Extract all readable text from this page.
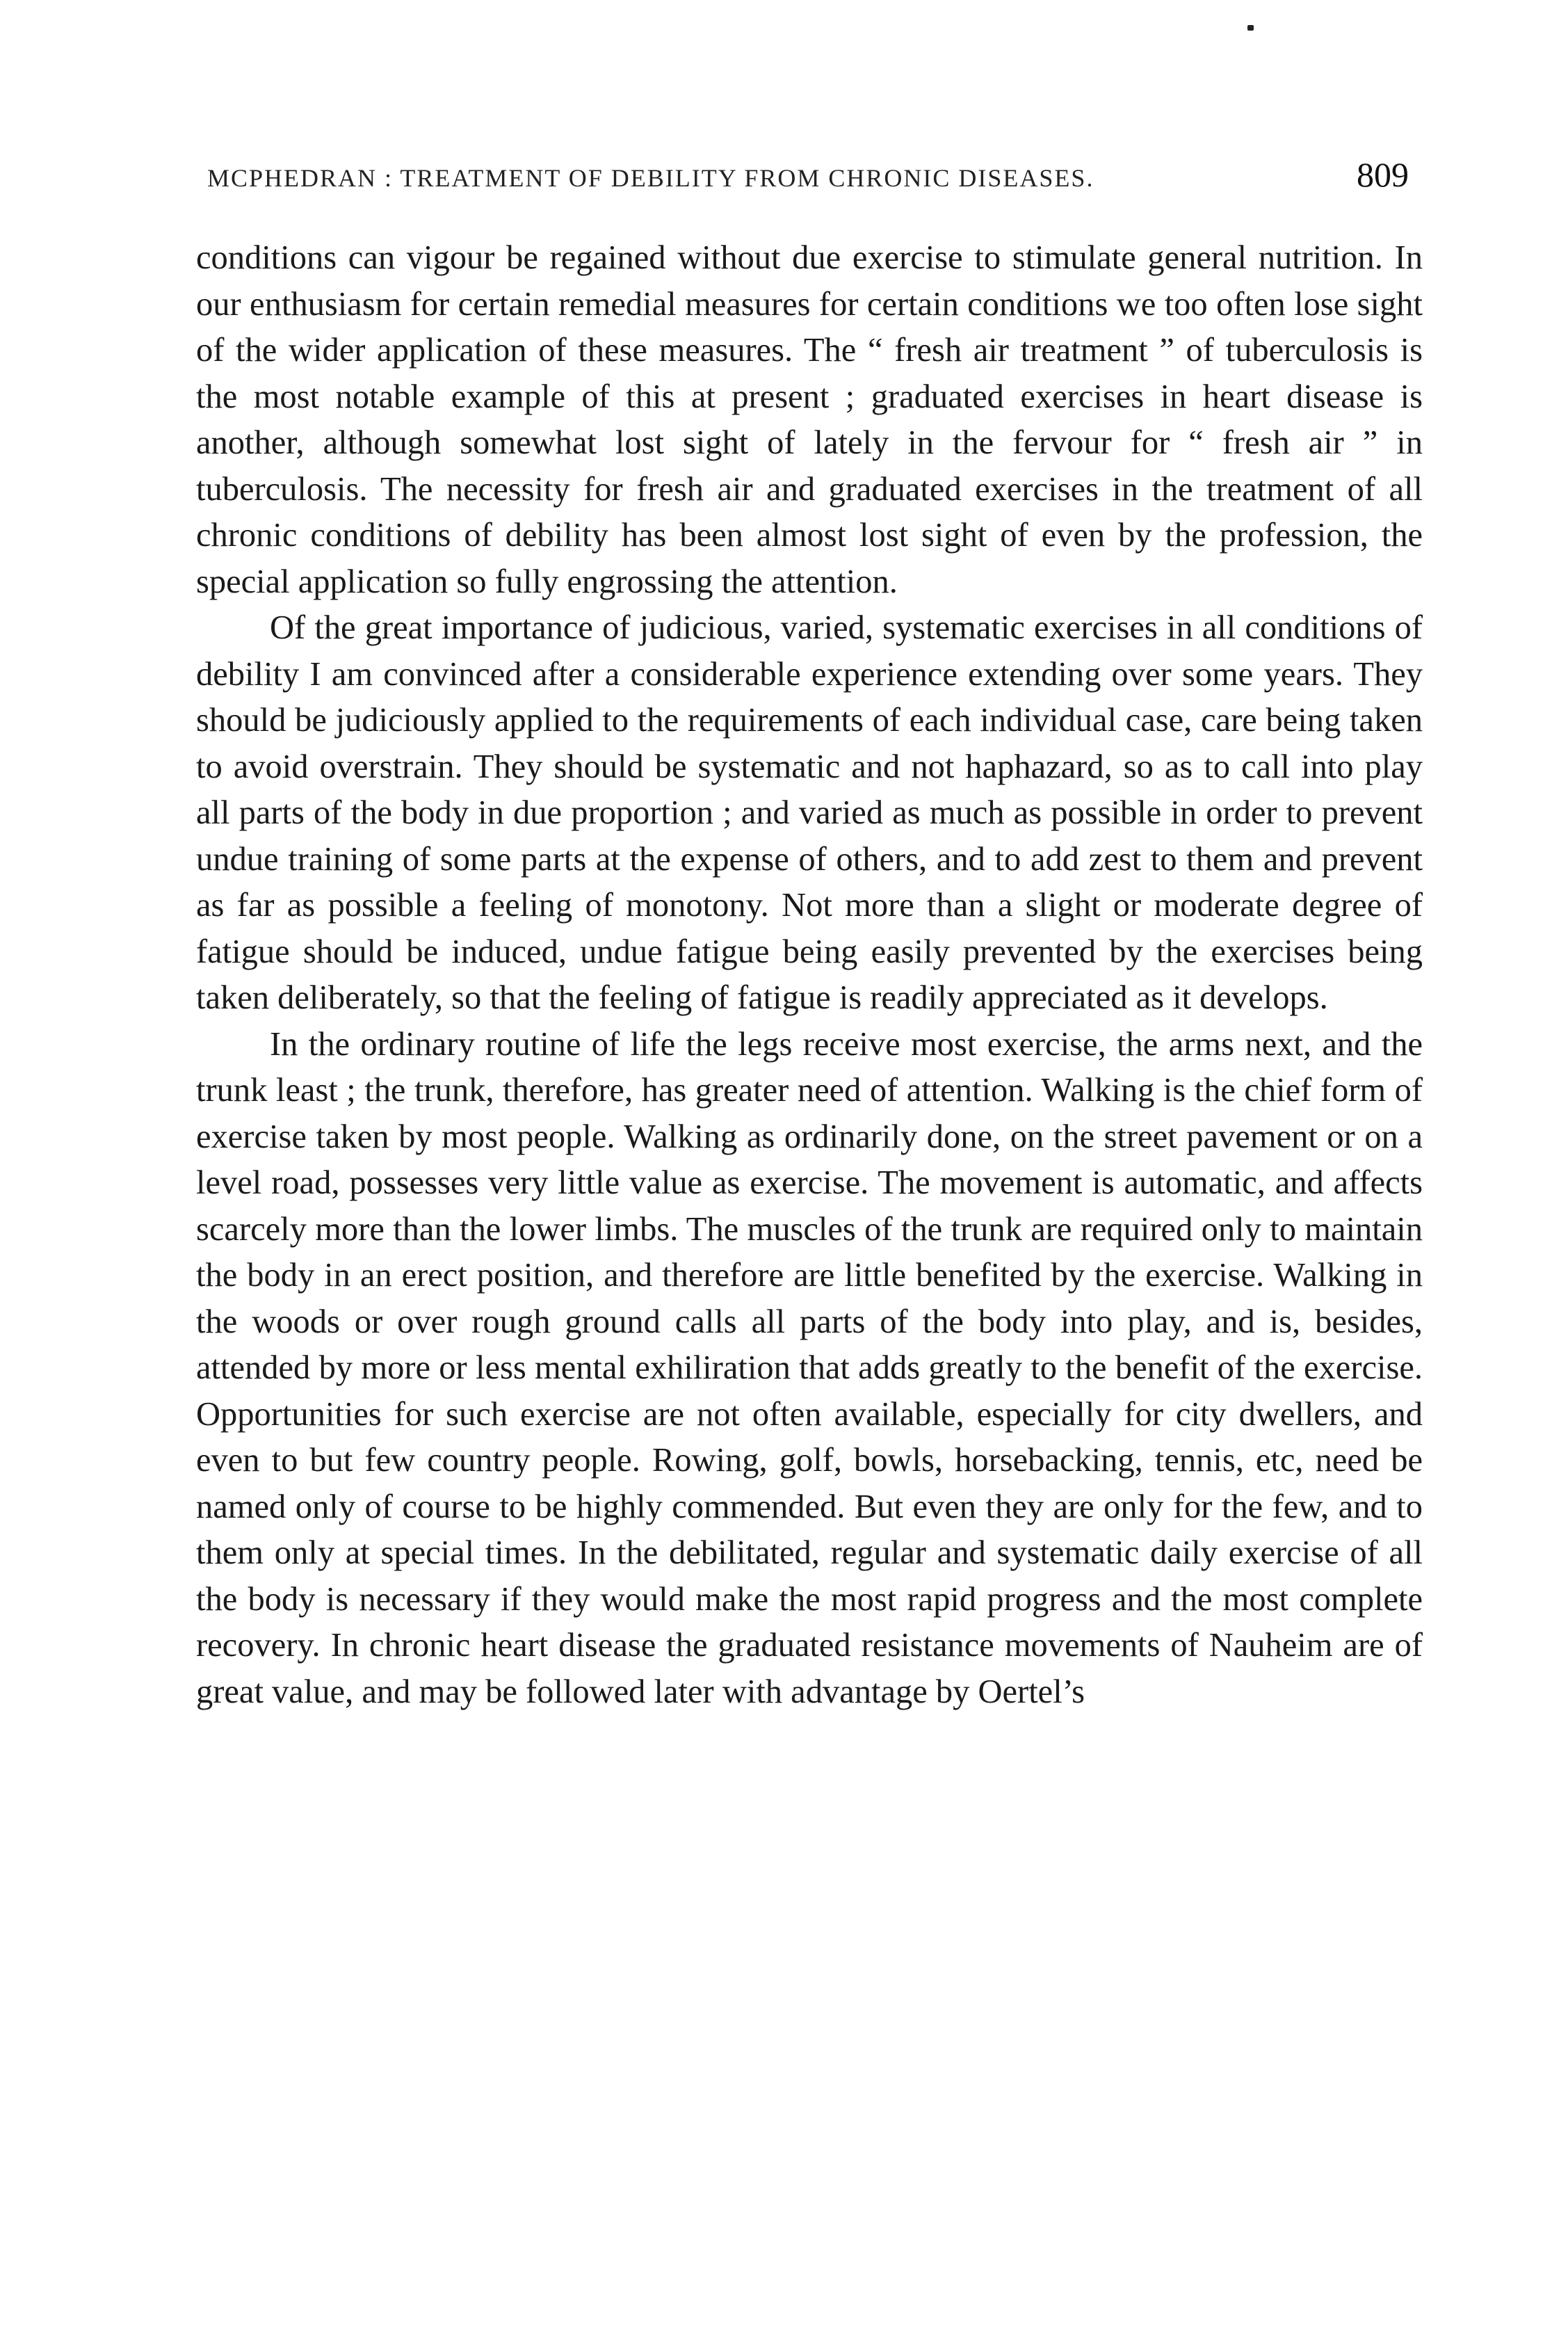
MCPHEDRAN : TREATMENT OF DEBILITY FROM CHRONIC DISEASES.	809

conditions can vigour be regained without due exercise to stimulate general nutrition. In our enthusiasm for certain remedial measures for certain conditions we too often lose sight of the wider application of these measures. The “ fresh air treatment ” of tuberculosis is the most notable example of this at present ; graduated exercises in heart disease is another, although somewhat lost sight of lately in the fervour for “ fresh air ” in tuberculosis. The necessity for fresh air and graduated exercises in the treatment of all chronic conditions of debility has been almost lost sight of even by the profession, the special application so fully engrossing the attention.

Of the great importance of judicious, varied, systematic exercises in all conditions of debility I am convinced after a considerable experience extending over some years. They should be judiciously applied to the requirements of each individual case, care being taken to avoid overstrain. They should be systematic and not haphazard, so as to call into play all parts of the body in due proportion ; and varied as much as possible in order to prevent undue training of some parts at the expense of others, and to add zest to them and prevent as far as possible a feeling of monotony. Not more than a slight or moderate degree of fatigue should be induced, undue fatigue being easily prevented by the exercises being taken deliberately, so that the feeling of fatigue is readily appreciated as it develops.

In the ordinary routine of life the legs receive most exercise, the arms next, and the trunk least ; the trunk, therefore, has greater need of attention. Walking is the chief form of exercise taken by most people. Walking as ordinarily done, on the street pavement or on a level road, possesses very little value as exercise. The movement is automatic, and affects scarcely more than the lower limbs. The muscles of the trunk are required only to maintain the body in an erect position, and therefore are little benefited by the exercise. Walking in the woods or over rough ground calls all parts of the body into play, and is, besides, attended by more or less mental exhiliration that adds greatly to the benefit of the exercise. Opportunities for such exercise are not often available, especially for city dwellers, and even to but few country people. Rowing, golf, bowls, horsebacking, tennis, etc, need be named only of course to be highly commended. But even they are only for the few, and to them only at special times. In the debilitated, regular and systematic daily exercise of all the body is necessary if they would make the most rapid progress and the most complete recovery. In chronic heart disease the graduated resistance movements of Nauheim are of great value, and may be followed later with advantage by Oertel’s
